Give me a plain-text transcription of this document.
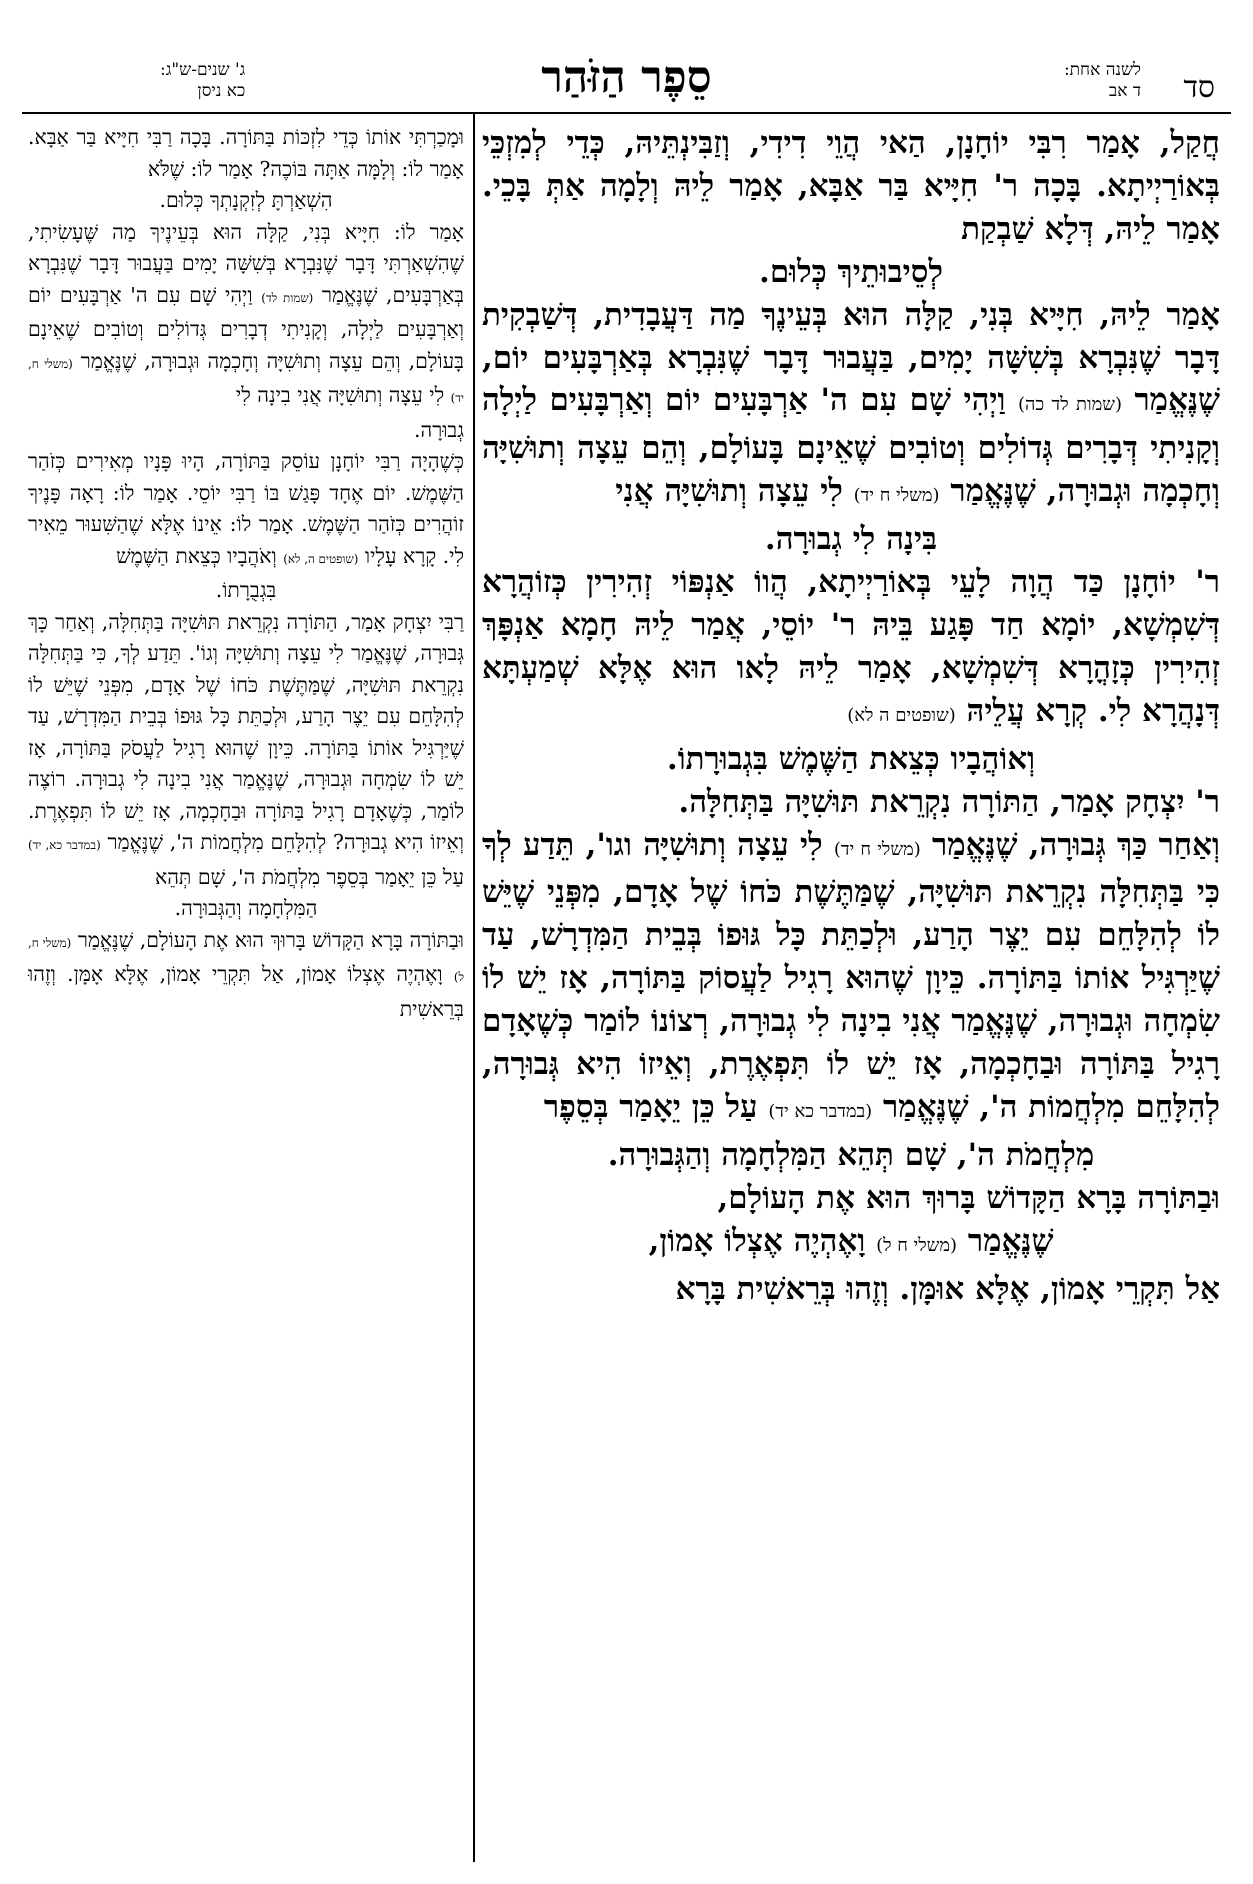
סד
לשנה אחת:
ד אב
סֵפֶר הַזֹּהַר
ג' שנים-ש"ג:
כא ניסן

חֲקַל, אָמַר רִבִּי יוֹחָנָן, הַאי הֲוֵי דִידִי, וְזַבִּינְתֵּיהּ, כְּדֵי לְמִזְכֵּי בְּאוֹרַיְיתָא. בָּכָה ר' חִיָּיא בַּר אַבָּא, אָמַר לֵיהּ וְלָמָה אַתְּ בָּכֵי. אָמַר לֵיהּ, דְּלָא שַׁבְקַת

לְסֵיבוּתֵיךְ כְּלוּם.

אָמַר לֵיהּ, חִיָּיא בְּנִי, קַלָּה הוּא בְּעֵינֶךָ מַה דַּעֲבָדִית, דְּשַׁבְקִית דָּבָר שֶׁנִּבְרָא בְּשִׁשָּׁה יָמִים, בַּעֲבוּר דָּבָר שֶׁנִּבְרָא בְּאַרְבָּעִים יוֹם, שֶׁנֶּאֱמַר (שמות לד כה) וַיְהִי שָׁם עִם ה' אַרְבָּעִים יוֹם וְאַרְבָּעִים לַיְלָה וְקָנִיתִי דְּבָרִים גְּדוֹלִים וְטוֹבִים שֶׁאֵינָם בָּעוֹלָם, וְהֵם עֵצָה וְתוּשִׁיָּה וְחָכְמָה וּגְבוּרָה, שֶׁנֶּאֱמַר (משלי ח יד) לִי עֵצָה וְתוּשִׁיָּה אֲנִי

בִּינָה לִי גְבוּרָה.

ר' יוֹחָנָן כַּד הֲוָה לָעֵי בְּאוֹרַיְיתָא, הֲווֹ אַנְפּוֹי זְהִירִין כְּזוֹהֲרָא דְּשִׁמְשָׁא, יוֹמָא חַד פָּגַע בֵּיהּ ר' יוֹסֵי, אֲמַר לֵיהּ חָמָא אַנְפָּךְ זְהִירִין כְּזָהֳרָא דְּשִׁמְשָׁא, אָמַר לֵיהּ לָאו הוּא אֶלָּא שְׁמַעְתָּא דְּנָהֲרָא לִי. קְרָא עֲלֵיהּ (שופטים ה לא)

וְאוֹהֲבָיו כְּצֵאת הַשֶּׁמֶשׁ בִּגְבוּרָתוֹ.

ר' יִצְחָק אָמַר, הַתּוֹרָה נִקְרֵאת תּוּשִׁיָּה בַּתְּחִלָּה.

וְאַחַר כַּךְ גְּבוּרָה, שֶׁנֶּאֱמַר (משלי ח יד) לִי עֵצָה וְתוּשִׁיָּה וגו', תֵּדַע לְךָ כִּי בַּתְּחִלָּה נִקְרֵאת תּוּשִׁיָּה, שֶׁמַּתֶּשֶׁת כֹּחוֹ שֶׁל אָדָם, מִפְּנֵי שֶׁיֵּשׁ לוֹ לְהִלָּחֵם עִם יֵצֶר הָרַע, וּלְכַתֵּת כָּל גּוּפוֹ בְּבֵית הַמִּדְרָשׁ, עַד שֶׁיַּרְגִּיל אוֹתוֹ בַּתּוֹרָה. כֵּיוָן שֶׁהוּא רָגִיל לַעֲסוֹק בַּתּוֹרָה, אָז יֵשׁ לוֹ שִׂמְחָה וּגְבוּרָה, שֶׁנֶּאֱמַר אֲנִי בִינָה לִי גְבוּרָה, רְצוֹנוֹ לוֹמַר כְּשֶׁאָדָם רָגִיל בַּתּוֹרָה וּבַחָכְמָה, אָז יֵשׁ לוֹ תִּפְאֶרֶת, וְאֵיזוֹ הִיא גְּבוּרָה, לְהִלָּחֵם מִלְחֲמוֹת ה', שֶׁנֶּאֱמַר (במדבר כא יד) עַל כֵּן יֵאָמַר בְּסֵפֶר

מִלְחֲמֹת ה', שָׁם תְּהֵא הַמִּלְחָמָה וְהַגְּבוּרָה.

וּבַתּוֹרָה בָּרָא הַקָּדוֹשׁ בָּרוּךְ הוּא אֶת הָעוֹלָם,

שֶׁנֶּאֱמַר (משלי ח ל) וָאֶהְיֶה אֶצְלוֹ אָמוֹן,

אַל תִּקְרֵי אָמוֹן, אֶלָּא אוּמָּן. וְזֶהוּ בְּרֵאשִׁית בָּרָא

וּמָכַרְתִּי אוֹתוֹ כְּדֵי לִזְכּוֹת בַּתּוֹרָה. בָּכָה רַבִּי חִיָּיא בַּר אַבָּא. אָמַר לוֹ: וְלָמָּה אַתָּה בּוֹכֶה? אָמַר לוֹ: שֶׁלֹּא

הִשְׁאַרְתָּ לְזִקְנָתְךָ כְּלוּם.

אָמַר לוֹ: חִיָּיא בְּנִי, קַלָּה הוּא בְּעֵינֶיךָ מַה שֶּׁעָשִׂיתִי, שֶׁהִשְׁאַרְתִּי דָּבָר שֶׁנִּבְרָא בְּשִׁשָּׁה יָמִים בַּעֲבוּר דָּבָר שֶׁנִּבְרָא בְּאַרְבָּעִים, שֶׁנֶּאֱמַר (שמות לד) וַיְהִי שָׁם עִם ה' אַרְבָּעִים יוֹם וְאַרְבָּעִים לַיְלָה, וְקָנִיתִי דְבָרִים גְּדוֹלִים וְטוֹבִים שֶׁאֵינָם בָּעוֹלָם, וְהֵם עֵצָה וְתוּשִׁיָּה וְחָכְמָה וּגְבוּרָה, שֶׁנֶּאֱמַר (משלי ח, יד) לִי עֵצָה וְתוּשִׁיָּה אֲנִי בִינָה לִי

גְבוּרָה.

כְּשֶׁהָיָה רַבִּי יוֹחָנָן עוֹסֵק בַּתּוֹרָה, הָיוּ פָּנָיו מְאִירִים כְּזֹהַר הַשֶּׁמֶשׁ. יוֹם אֶחָד פָּגַשׁ בּוֹ רַבִּי יוֹסֵי. אָמַר לוֹ: רָאָה פָּנֶיךָ זוֹהֲרִים כְּזֹהַר הַשֶּׁמֶשׁ. אָמַר לוֹ: אֵינוֹ אֶלָּא שֶׁהַשִּׁעוּר מֵאִיר לִי. קָרָא עָלָיו (שופטים ה, לא) וְאֹהֲבָיו כְּצֵאת הַשֶּׁמֶשׁ

בִּגְבֻרָתוֹ.

רַבִּי יִצְחָק אָמַר, הַתּוֹרָה נִקְרֵאת תּוּשִׁיָּה בַּתְּחִלָּה, וְאַחַר כָּךְ גְּבוּרָה, שֶׁנֶּאֱמַר לִי עֵצָה וְתוּשִׁיָּה וְגוֹ'. תֵּדַע לְךָ, כִּי בַּתְּחִלָּה נִקְרֵאת תּוּשִׁיָּה, שֶׁמַּתֶּשֶׁת כֹּחוֹ שֶׁל אָדָם, מִפְּנֵי שֶׁיֵּשׁ לוֹ לְהִלָּחֵם עִם יֵצֶר הָרַע, וּלְכַתֵּת כָּל גּוּפוֹ בְּבֵית הַמִּדְרָשׁ, עַד שֶׁיַּרְגִּיל אוֹתוֹ בַּתּוֹרָה. כֵּיוָן שֶׁהוּא רָגִיל לַעֲסֹק בַּתּוֹרָה, אָז יֵשׁ לוֹ שִׂמְחָה וּגְבוּרָה, שֶׁנֶּאֱמַר אֲנִי בִינָה לִי גְבוּרָה. רוֹצֶה לוֹמַר, כְּשֶׁאָדָם רָגִיל בַּתּוֹרָה וּבַחָכְמָה, אָז יֵשׁ לוֹ תִּפְאֶרֶת. וְאֵיזוֹ הִיא גְבוּרָה? לְהִלָּחֵם מִלְחֲמוֹת ה', שֶׁנֶּאֱמַר (במדבר כא, יד) עַל כֵּן יֵאָמַר בְּסֵפֶר מִלְחֲמֹת ה', שָׁם תְּהֵא

הַמִּלְחָמָה וְהַגְּבוּרָה.

וּבַתּוֹרָה בָּרָא הַקָּדוֹשׁ בָּרוּךְ הוּא אֶת הָעוֹלָם, שֶׁנֶּאֱמַר (משלי ח, ל) וָאֶהְיֶה אֶצְלוֹ אָמוֹן, אַל תִּקְרֵי אָמוֹן, אֶלָּא אָמָּן. וְזֶהוּ בְּרֵאשִׁית
